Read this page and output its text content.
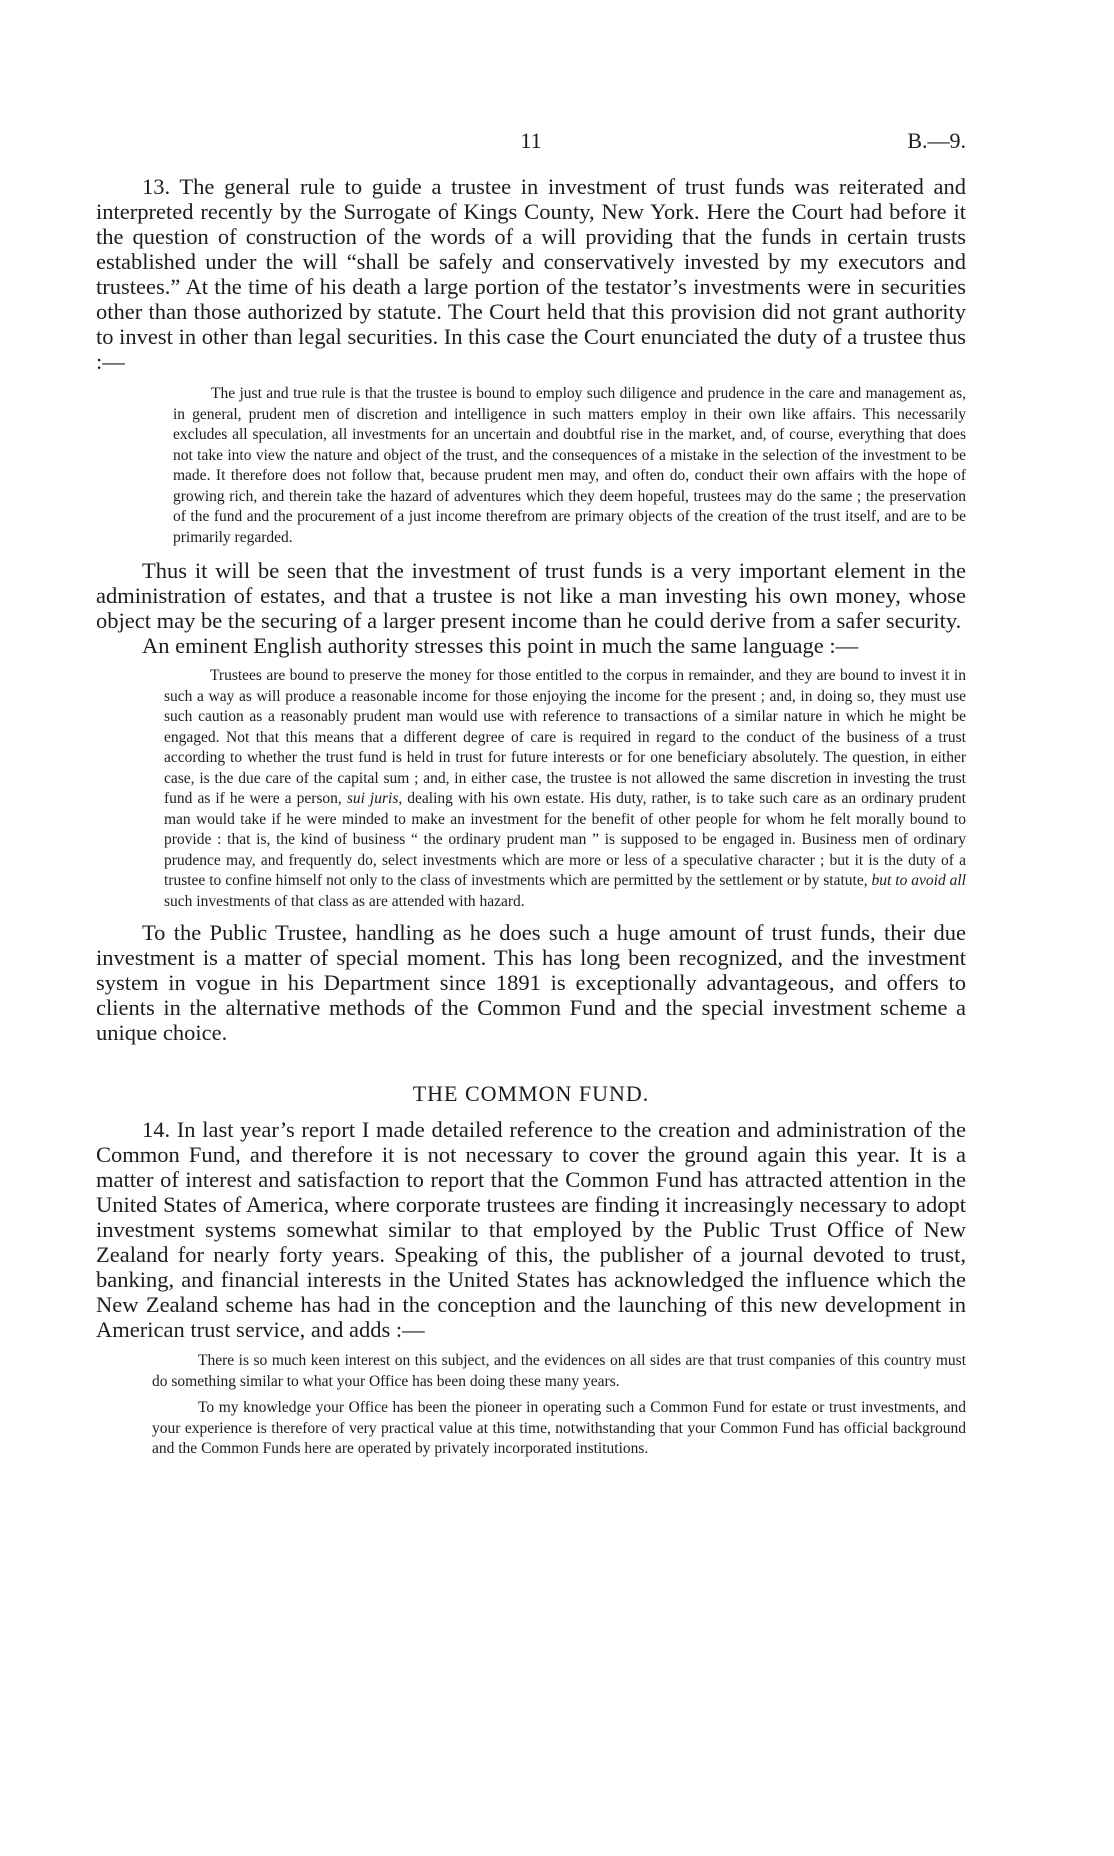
11	B.—9.

13. The general rule to guide a trustee in investment of trust funds was reiterated and interpreted recently by the Surrogate of Kings County, New York. Here the Court had before it the question of construction of the words of a will providing that the funds in certain trusts established under the will “shall be safely and conservatively invested by my executors and trustees.” At the time of his death a large portion of the testator’s investments were in securities other than those authorized by statute. The Court held that this provision did not grant authority to invest in other than legal securities. In this case the Court enunciated the duty of a trustee thus :—

The just and true rule is that the trustee is bound to employ such diligence and prudence in the care and management as, in general, prudent men of discretion and intelligence in such matters employ in their own like affairs. This necessarily excludes all speculation, all investments for an uncertain and doubtful rise in the market, and, of course, everything that does not take into view the nature and object of the trust, and the consequences of a mistake in the selection of the investment to be made. It therefore does not follow that, because prudent men may, and often do, conduct their own affairs with the hope of growing rich, and therein take the hazard of adventures which they deem hopeful, trustees may do the same ; the preservation of the fund and the procurement of a just income therefrom are primary objects of the creation of the trust itself, and are to be primarily regarded.

Thus it will be seen that the investment of trust funds is a very important element in the administration of estates, and that a trustee is not like a man investing his own money, whose object may be the securing of a larger present income than he could derive from a safer security.

An eminent English authority stresses this point in much the same language :—

Trustees are bound to preserve the money for those entitled to the corpus in remainder, and they are bound to invest it in such a way as will produce a reasonable income for those enjoying the income for the present ; and, in doing so, they must use such caution as a reasonably prudent man would use with reference to transactions of a similar nature in which he might be engaged. Not that this means that a different degree of care is required in regard to the conduct of the business of a trust according to whether the trust fund is held in trust for future interests or for one beneficiary absolutely. The question, in either case, is the due care of the capital sum ; and, in either case, the trustee is not allowed the same discretion in investing the trust fund as if he were a person, sui juris, dealing with his own estate. His duty, rather, is to take such care as an ordinary prudent man would take if he were minded to make an investment for the benefit of other people for whom he felt morally bound to provide : that is, the kind of business “ the ordinary prudent man ” is supposed to be engaged in. Business men of ordinary prudence may, and frequently do, select investments which are more or less of a speculative character ; but it is the duty of a trustee to confine himself not only to the class of investments which are permitted by the settlement or by statute, but to avoid all such investments of that class as are attended with hazard.

To the Public Trustee, handling as he does such a huge amount of trust funds, their due investment is a matter of special moment. This has long been recognized, and the investment system in vogue in his Department since 1891 is exceptionally advantageous, and offers to clients in the alternative methods of the Common Fund and the special investment scheme a unique choice.

THE COMMON FUND.

14. In last year’s report I made detailed reference to the creation and administration of the Common Fund, and therefore it is not necessary to cover the ground again this year. It is a matter of interest and satisfaction to report that the Common Fund has attracted attention in the United States of America, where corporate trustees are finding it increasingly necessary to adopt investment systems somewhat similar to that employed by the Public Trust Office of New Zealand for nearly forty years. Speaking of this, the publisher of a journal devoted to trust, banking, and financial interests in the United States has acknowledged the influence which the New Zealand scheme has had in the conception and the launching of this new development in American trust service, and adds :—

There is so much keen interest on this subject, and the evidences on all sides are that trust companies of this country must do something similar to what your Office has been doing these many years.

To my knowledge your Office has been the pioneer in operating such a Common Fund for estate or trust investments, and your experience is therefore of very practical value at this time, notwithstanding that your Common Fund has official background and the Common Funds here are operated by privately incorporated institutions.
